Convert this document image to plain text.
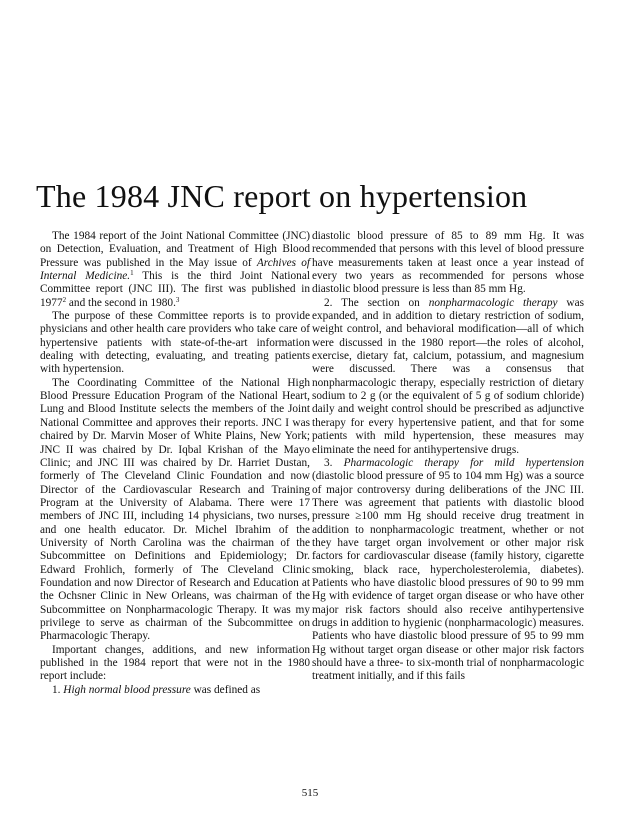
The 1984 JNC report on hypertension

The 1984 report of the Joint National Committee (JNC) on Detection, Evaluation, and Treatment of High Blood Pressure was published in the May issue of Archives of Internal Medicine.$^1$ This is the third Joint National Committee report (JNC III). The first was published in 1977$^2$ and the second in 1980.$^3$

The purpose of these Committee reports is to provide physicians and other health care providers who take care of hypertensive patients with state-of-the-art information dealing with detecting, evaluating, and treating patients with hypertension.

The Coordinating Committee of the National High Blood Pressure Education Program of the National Heart, Lung and Blood Institute selects the members of the Joint National Committee and approves their reports. JNC I was chaired by Dr. Marvin Moser of White Plains, New York; JNC II was chaired by Dr. Iqbal Krishan of the Mayo Clinic; and JNC III was chaired by Dr. Harriet Dustan, formerly of The Cleveland Clinic Foundation and now Director of the Cardiovascular Research and Training Program at the University of Alabama. There were 17 members of JNC III, including 14 physicians, two nurses, and one health educator. Dr. Michel Ibrahim of the University of North Carolina was the chairman of the Subcommittee on Definitions and Epidemiology; Dr. Edward Frohlich, formerly of The Cleveland Clinic Foundation and now Director of Research and Education at the Ochsner Clinic in New Orleans, was chairman of the Subcommittee on Nonpharmacologic Therapy. It was my privilege to serve as chairman of the Subcommittee on Pharmacologic Therapy.

Important changes, additions, and new information published in the 1984 report that were not in the 1980 report include:

1. High normal blood pressure was defined as

diastolic blood pressure of 85 to 89 mm Hg. It was recommended that persons with this level of blood pressure have measurements taken at least once a year instead of every two years as recommended for persons whose diastolic blood pressure is less than 85 mm Hg.

2. The section on nonpharmacologic therapy was expanded, and in addition to dietary restriction of sodium, weight control, and behavioral modification—all of which were discussed in the 1980 report—the roles of alcohol, exercise, dietary fat, calcium, potassium, and magnesium were discussed. There was a consensus that nonpharmacologic therapy, especially restriction of dietary sodium to 2 g (or the equivalent of 5 g of sodium chloride) daily and weight control should be prescribed as adjunctive therapy for every hypertensive patient, and that for some patients with mild hypertension, these measures may eliminate the need for antihypertensive drugs.

3. Pharmacologic therapy for mild hypertension (diastolic blood pressure of 95 to 104 mm Hg) was a source of major controversy during deliberations of the JNC III. There was agreement that patients with diastolic blood pressure ≥100 mm Hg should receive drug treatment in addition to nonpharmacologic treatment, whether or not they have target organ involvement or other major risk factors for cardiovascular disease (family history, cigarette smoking, black race, hypercholesterolemia, diabetes). Patients who have diastolic blood pressures of 90 to 99 mm Hg with evidence of target organ disease or who have other major risk factors should also receive antihypertensive drugs in addition to hygienic (nonpharmacologic) measures. Patients who have diastolic blood pressure of 95 to 99 mm Hg without target organ disease or other major risk factors should have a three- to six-month trial of nonpharmacologic treatment initially, and if this fails

515
